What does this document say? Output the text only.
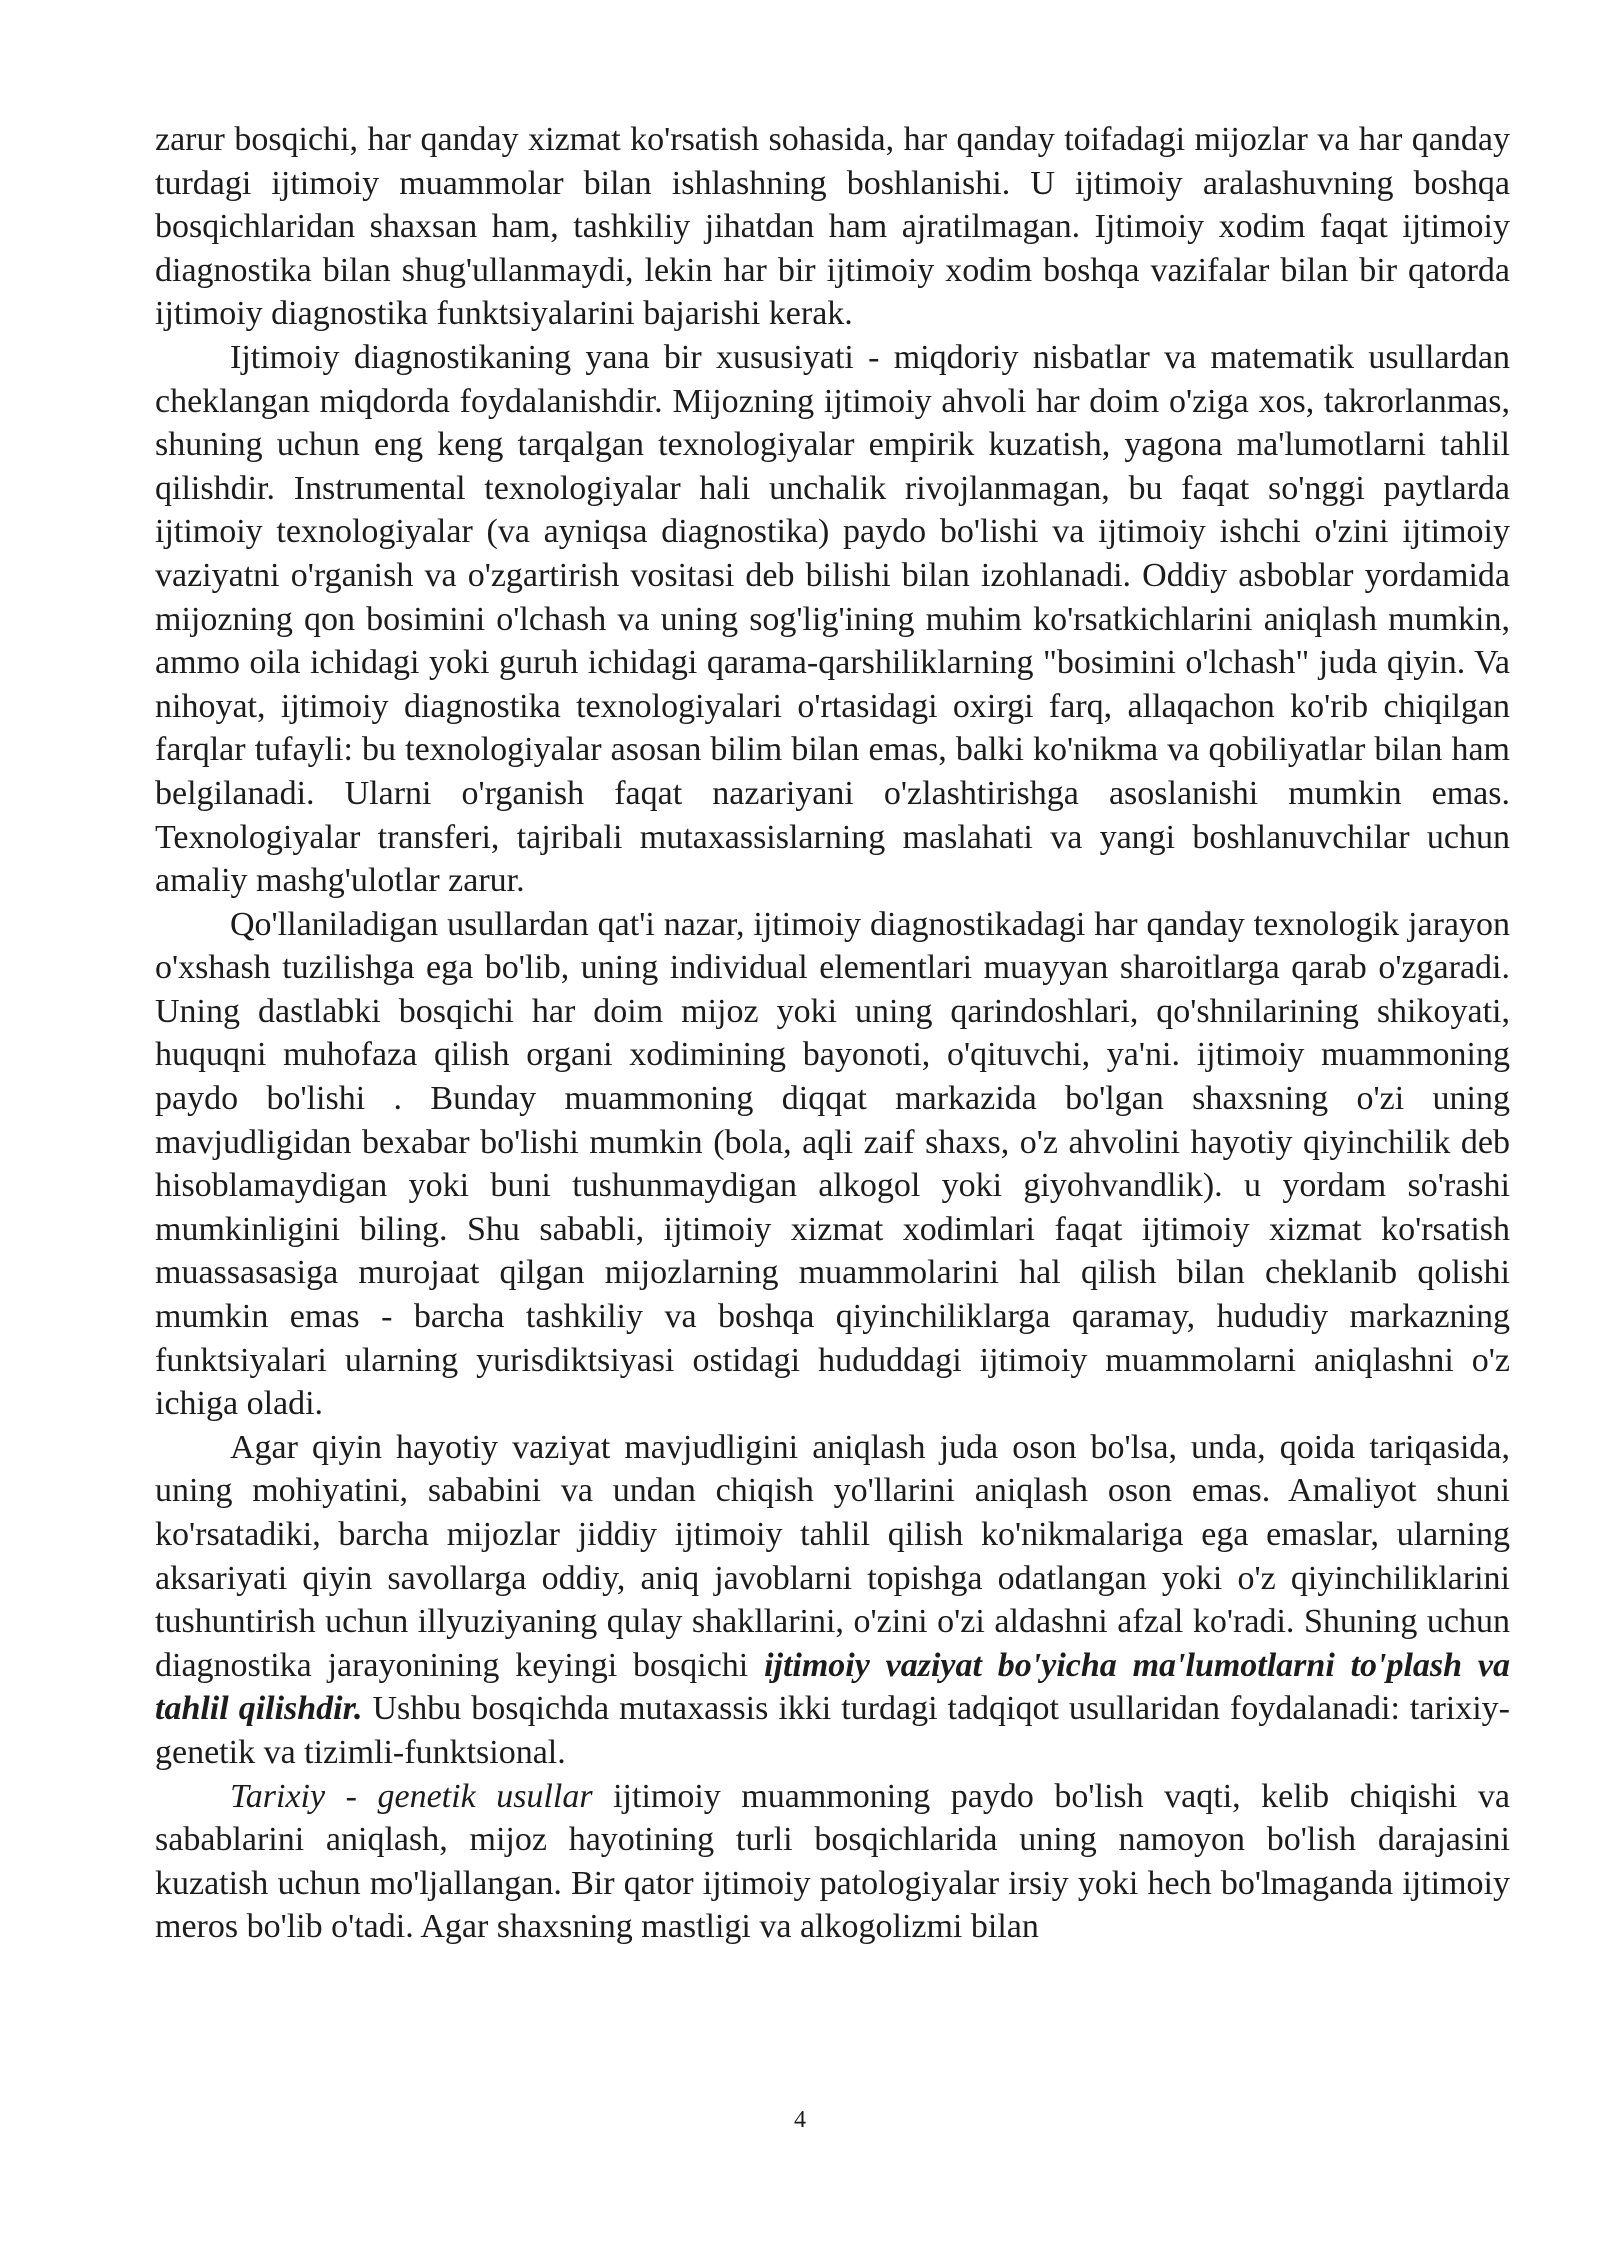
zarur bosqichi, har qanday xizmat ko'rsatish sohasida, har qanday toifadagi mijozlar va har qanday turdagi ijtimoiy muammolar bilan ishlashning boshlanishi. U ijtimoiy aralashuvning boshqa bosqichlaridan shaxsan ham, tashkiliy jihatdan ham ajratilmagan. Ijtimoiy xodim faqat ijtimoiy diagnostika bilan shug'ullanmaydi, lekin har bir ijtimoiy xodim boshqa vazifalar bilan bir qatorda ijtimoiy diagnostika funktsiyalarini bajarishi kerak.

Ijtimoiy diagnostikaning yana bir xususiyati - miqdoriy nisbatlar va matematik usullardan cheklangan miqdorda foydalanishdir. Mijozning ijtimoiy ahvoli har doim o'ziga xos, takrorlanmas, shuning uchun eng keng tarqalgan texnologiyalar empirik kuzatish, yagona ma'lumotlarni tahlil qilishdir. Instrumental texnologiyalar hali unchalik rivojlanmagan, bu faqat so'nggi paytlarda ijtimoiy texnologiyalar (va ayniqsa diagnostika) paydo bo'lishi va ijtimoiy ishchi o'zini ijtimoiy vaziyatni o'rganish va o'zgartirish vositasi deb bilishi bilan izohlanadi. Oddiy asboblar yordamida mijozning qon bosimini o'lchash va uning sog'lig'ining muhim ko'rsatkichlarini aniqlash mumkin, ammo oila ichidagi yoki guruh ichidagi qarama-qarshiliklarning "bosimini o'lchash" juda qiyin. Va nihoyat, ijtimoiy diagnostika texnologiyalari o'rtasidagi oxirgi farq, allaqachon ko'rib chiqilgan farqlar tufayli: bu texnologiyalar asosan bilim bilan emas, balki ko'nikma va qobiliyatlar bilan ham belgilanadi. Ularni o'rganish faqat nazariyani o'zlashtirishga asoslanishi mumkin emas. Texnologiyalar transferi, tajribali mutaxassislarning maslahati va yangi boshlanuvchilar uchun amaliy mashg'ulotlar zarur.

Qo'llaniladigan usullardan qat'i nazar, ijtimoiy diagnostikadagi har qanday texnologik jarayon o'xshash tuzilishga ega bo'lib, uning individual elementlari muayyan sharoitlarga qarab o'zgaradi. Uning dastlabki bosqichi har doim mijoz yoki uning qarindoshlari, qo'shnilarining shikoyati, huquqni muhofaza qilish organi xodimining bayonoti, o'qituvchi, ya'ni. ijtimoiy muammoning paydo bo'lishi . Bunday muammoning diqqat markazida bo'lgan shaxsning o'zi uning mavjudligidan bexabar bo'lishi mumkin (bola, aqli zaif shaxs, o'z ahvolini hayotiy qiyinchilik deb hisoblamaydigan yoki buni tushunmaydigan alkogol yoki giyohvandlik). u yordam so'rashi mumkinligini biling. Shu sababli, ijtimoiy xizmat xodimlari faqat ijtimoiy xizmat ko'rsatish muassasasiga murojaat qilgan mijozlarning muammolarini hal qilish bilan cheklanib qolishi mumkin emas - barcha tashkiliy va boshqa qiyinchiliklarga qaramay, hududiy markazning funktsiyalari ularning yurisdiktsiyasi ostidagi hududdagi ijtimoiy muammolarni aniqlashni o'z ichiga oladi.

Agar qiyin hayotiy vaziyat mavjudligini aniqlash juda oson bo'lsa, unda, qoida tariqasida, uning mohiyatini, sababini va undan chiqish yo'llarini aniqlash oson emas. Amaliyot shuni ko'rsatadiki, barcha mijozlar jiddiy ijtimoiy tahlil qilish ko'nikmalariga ega emaslar, ularning aksariyati qiyin savollarga oddiy, aniq javoblarni topishga odatlangan yoki o'z qiyinchiliklarini tushuntirish uchun illyuziyaning qulay shakllarini, o'zini o'zi aldashni afzal ko'radi. Shuning uchun diagnostika jarayonining keyingi bosqichi ijtimoiy vaziyat bo'yicha ma'lumotlarni to'plash va tahlil qilishdir. Ushbu bosqichda mutaxassis ikki turdagi tadqiqot usullaridan foydalanadi: tarixiy-genetik va tizimli-funktsional.

Tarixiy - genetik usullar ijtimoiy muammoning paydo bo'lish vaqti, kelib chiqishi va sabablarini aniqlash, mijoz hayotining turli bosqichlarida uning namoyon bo'lish darajasini kuzatish uchun mo'ljallangan. Bir qator ijtimoiy patologiyalar irsiy yoki hech bo'lmaganda ijtimoiy meros bo'lib o'tadi. Agar shaxsning mastligi va alkogolizmi bilan

4
